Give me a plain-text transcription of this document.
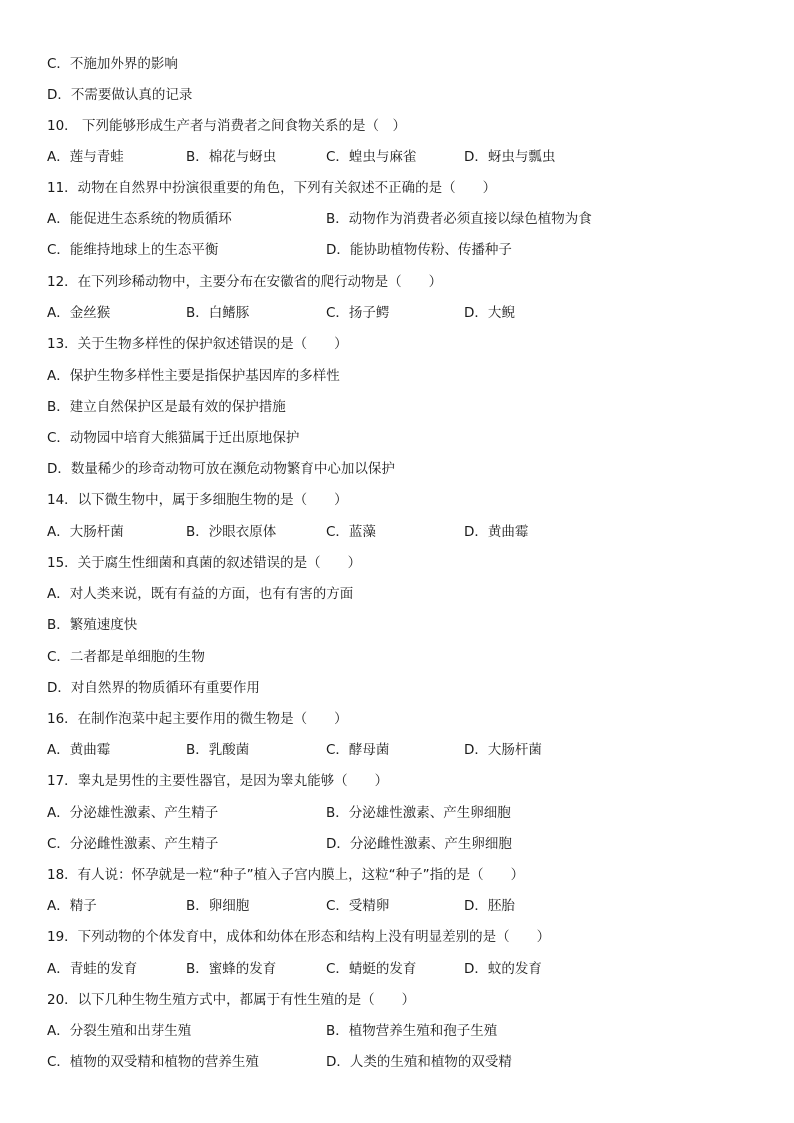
C．不施加外界的影响
D．不需要做认真的记录
10． 下列能够形成生产者与消费者之间食物关系的是（　）
A．莲与青蛙	B．棉花与蚜虫	C．蝗虫与麻雀	D．蚜虫与瓢虫
11．动物在自然界中扮演很重要的角色，下列有关叙述不正确的是（　　）
A．能促进生态系统的物质循环	B．动物作为消费者必须直接以绿色植物为食
C．能维持地球上的生态平衡	D．能协助植物传粉、传播种子
12．在下列珍稀动物中，主要分布在安徽省的爬行动物是（　　）
A．金丝猴	B．白鳍豚	C．扬子鳄	D．大鲵
13．关于生物多样性的保护叙述错误的是（　　）
A．保护生物多样性主要是指保护基因库的多样性
B．建立自然保护区是最有效的保护措施
C．动物园中培育大熊猫属于迁出原地保护
D．数量稀少的珍奇动物可放在濒危动物繁育中心加以保护
14．以下微生物中，属于多细胞生物的是（　　）
A．大肠杆菌	B．沙眼衣原体	C．蓝藻	D．黄曲霉
15．关于腐生性细菌和真菌的叙述错误的是（　　）
A．对人类来说，既有有益的方面，也有有害的方面
B．繁殖速度快
C．二者都是单细胞的生物
D．对自然界的物质循环有重要作用
16．在制作泡菜中起主要作用的微生物是（　　）
A．黄曲霉	B．乳酸菌	C．酵母菌	D．大肠杆菌
17．睾丸是男性的主要性器官，是因为睾丸能够（　　）
A．分泌雄性激素、产生精子	B．分泌雄性激素、产生卵细胞
C．分泌雌性激素、产生精子	D．分泌雌性激素、产生卵细胞
18．有人说：怀孕就是一粒“种子”植入子宫内膜上，这粒“种子”指的是（　　）
A．精子	B．卵细胞	C．受精卵	D．胚胎
19．下列动物的个体发育中，成体和幼体在形态和结构上没有明显差别的是（　　）
A．青蛙的发育	B．蜜蜂的发育	C．蜻蜓的发育	D．蚊的发育
20．以下几种生物生殖方式中，都属于有性生殖的是（　　）
A．分裂生殖和出芽生殖	B．植物营养生殖和孢子生殖
C．植物的双受精和植物的营养生殖	D．人类的生殖和植物的双受精
